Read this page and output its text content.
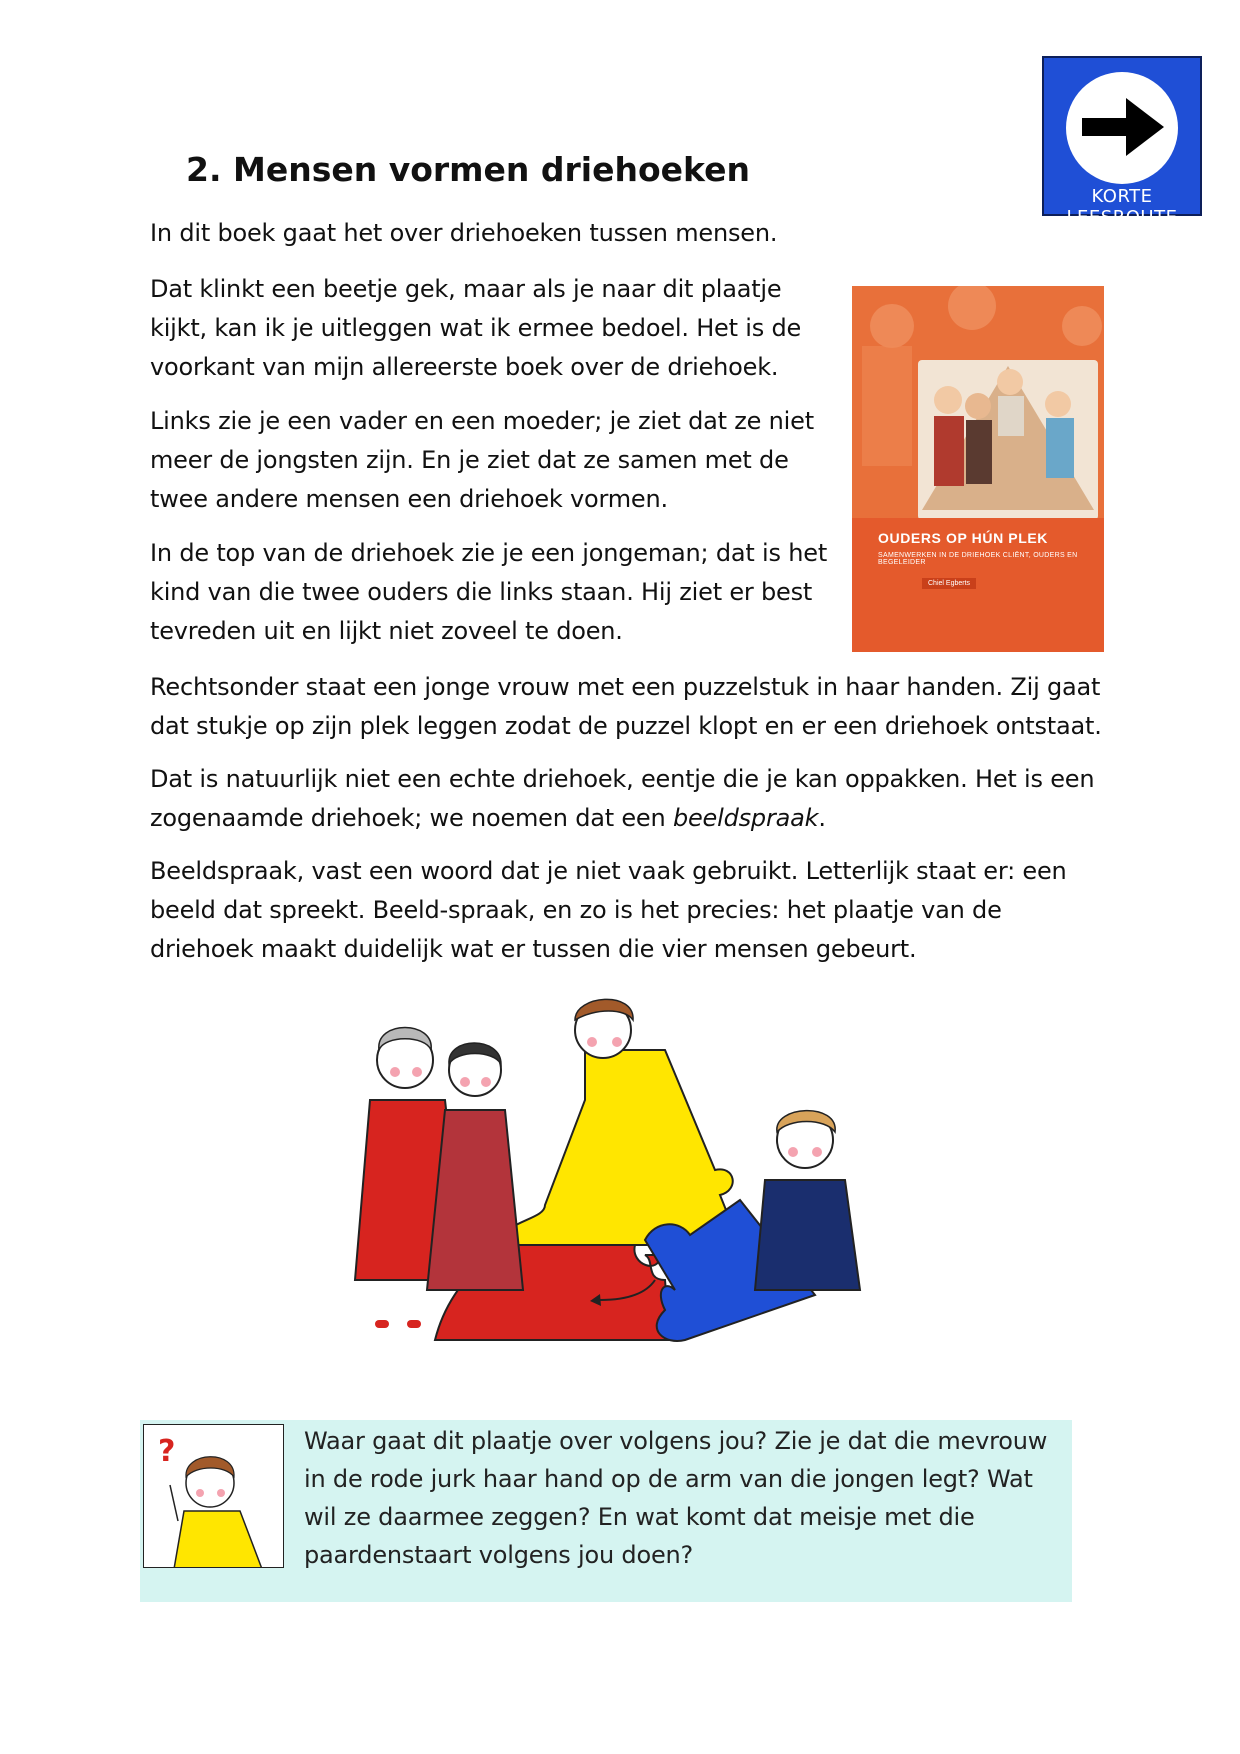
KORTE LEESROUTE
2. Mensen vormen driehoeken

In dit boek gaat het over driehoeken tussen mensen.

Dat klinkt een beetje gek, maar als je naar dit plaatje kijkt, kan ik je uitleggen wat ik ermee bedoel. Het is de voorkant van mijn allereerste boek over de driehoek.

Links zie je een vader en een moeder; je ziet dat ze niet meer de jongsten zijn. En je ziet dat ze samen met de twee andere mensen een driehoek vormen.

In de top van de driehoek zie je een jongeman; dat is het kind van die twee ouders die links staan. Hij ziet er best tevreden uit en lijkt niet zoveel te doen.

Rechtsonder staat een jonge vrouw met een puzzelstuk in haar handen. Zij gaat dat stukje op zijn plek leggen zodat de puzzel klopt en er een driehoek ontstaat.

Dat is natuurlijk niet een echte driehoek, eentje die je kan oppakken. Het is een zogenaamde driehoek; we noemen dat een beeldspraak.

Beeldspraak, vast een woord dat je niet vaak gebruikt. Letterlijk staat er: een beeld dat spreekt. Beeld-spraak, en zo is het precies: het plaatje van de driehoek maakt duidelijk wat er tussen die vier mensen gebeurt.

OUDERS OP HÚN PLEK
SAMENWERKEN IN DE DRIEHOEK CLIËNT, OUDERS EN BEGELEIDER
Chiel Egberts
?	Waar gaat dit plaatje over volgens jou? Zie je dat die mevrouw in de rode jurk haar hand op de arm van die jongen legt? Wat wil ze daarmee zeggen? En wat komt dat meisje met die paardenstaart volgens jou doen?
